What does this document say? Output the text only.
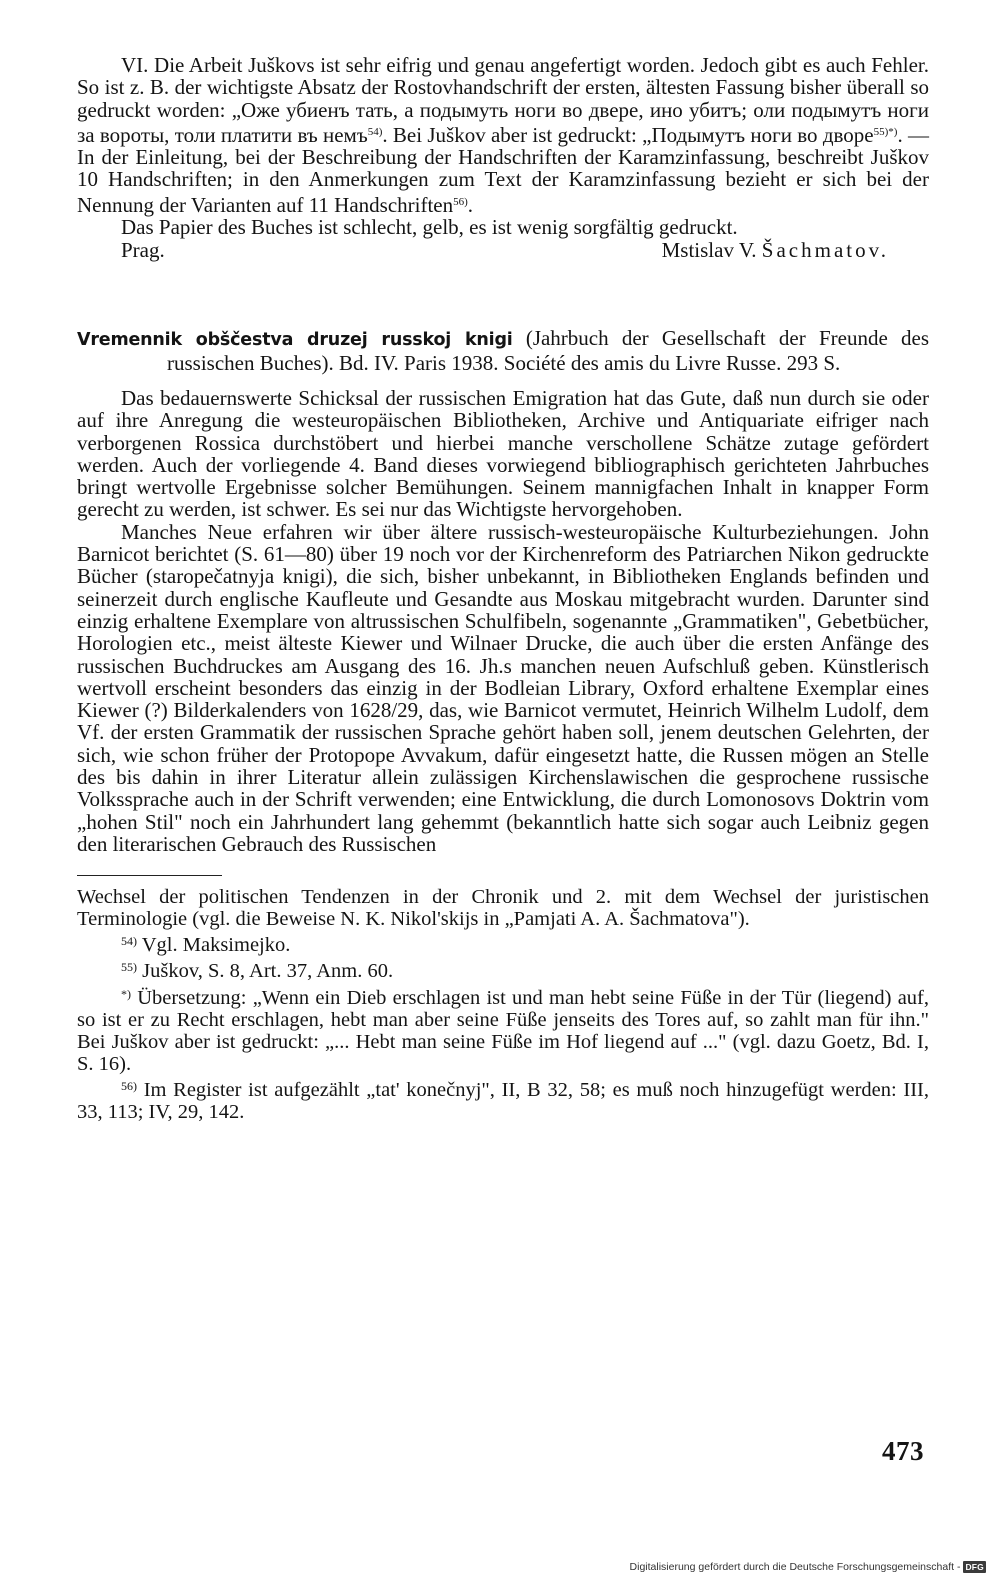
VI. Die Arbeit Juškovs ist sehr eifrig und genau angefertigt worden. Jedoch gibt es auch Fehler. So ist z. B. der wichtigste Absatz der Rostovhandschrift der ersten, ältesten Fassung bisher überall so gedruckt worden: „Оже убиенъ тать, а подымуть ноги во двере, ино убитъ; оли подымутъ ноги за вороты, толи платити въ немъ$^{54)}$. Bei Juškov aber ist gedruckt: „Подымутъ ноги во дворе$^{55)*)}$. — In der Einleitung, bei der Beschreibung der Handschriften der Karamzinfassung, beschreibt Juškov 10 Handschriften; in den Anmerkungen zum Text der Karamzinfassung bezieht er sich bei der Nennung der Varianten auf 11 Handschriften$^{56)}$.

Das Papier des Buches ist schlecht, gelb, es ist wenig sorgfältig gedruckt.

Prag.	Mstislav V. Šachmatov.

Vremennik obščestva druzej russkoj knigi (Jahrbuch der Gesellschaft der Freunde des russischen Buches). Bd. IV. Paris 1938. Société des amis du Livre Russe. 293 S.

Das bedauernswerte Schicksal der russischen Emigration hat das Gute, daß nun durch sie oder auf ihre Anregung die westeuropäischen Bibliotheken, Archive und Antiquariate eifriger nach verborgenen Rossica durchstöbert und hierbei manche verschollene Schätze zutage gefördert werden. Auch der vorliegende 4. Band dieses vorwiegend bibliographisch gerichteten Jahrbuches bringt wertvolle Ergebnisse solcher Bemühungen. Seinem mannigfachen Inhalt in knapper Form gerecht zu werden, ist schwer. Es sei nur das Wichtigste hervorgehoben.

Manches Neue erfahren wir über ältere russisch-westeuropäische Kulturbeziehungen. John Barnicot berichtet (S. 61—80) über 19 noch vor der Kirchenreform des Patriarchen Nikon gedruckte Bücher (staropečatnyja knigi), die sich, bisher unbekannt, in Bibliotheken Englands befinden und seinerzeit durch englische Kaufleute und Gesandte aus Moskau mitgebracht wurden. Darunter sind einzig erhaltene Exemplare von altrussischen Schulfibeln, sogenannte „Grammatiken", Gebetbücher, Horologien etc., meist älteste Kiewer und Wilnaer Drucke, die auch über die ersten Anfänge des russischen Buchdruckes am Ausgang des 16. Jh.s manchen neuen Aufschluß geben. Künstlerisch wertvoll erscheint besonders das einzig in der Bodleian Library, Oxford erhaltene Exemplar eines Kiewer (?) Bilderkalenders von 1628/29, das, wie Barnicot vermutet, Heinrich Wilhelm Ludolf, dem Vf. der ersten Grammatik der russischen Sprache gehört haben soll, jenem deutschen Gelehrten, der sich, wie schon früher der Protopope Avvakum, dafür eingesetzt hatte, die Russen mögen an Stelle des bis dahin in ihrer Literatur allein zulässigen Kirchenslawischen die gesprochene russische Volkssprache auch in der Schrift verwenden; eine Entwicklung, die durch Lomonosovs Doktrin vom „hohen Stil" noch ein Jahrhundert lang gehemmt (bekanntlich hatte sich sogar auch Leibniz gegen den literarischen Gebrauch des Russischen

Wechsel der politischen Tendenzen in der Chronik und 2. mit dem Wechsel der juristischen Terminologie (vgl. die Beweise N. K. Nikol'skijs in „Pamjati A. A. Šachmatova").

$^{54)}$ Vgl. Maksimejko.

$^{55)}$ Juškov, S. 8, Art. 37, Anm. 60.

*) Übersetzung: „Wenn ein Dieb erschlagen ist und man hebt seine Füße in der Tür (liegend) auf, so ist er zu Recht erschlagen, hebt man aber seine Füße jenseits des Tores auf, so zahlt man für ihn." Bei Juškov aber ist gedruckt: „... Hebt man seine Füße im Hof liegend auf ..." (vgl. dazu Goetz, Bd. I, S. 16).

$^{56)}$ Im Register ist aufgezählt „tat' konečnyj", II, B 32, 58; es muß noch hinzugefügt werden: III, 33, 113; IV, 29, 142.

473
Digitalisierung gefördert durch die Deutsche Forschungsgemeinschaft - DFG
